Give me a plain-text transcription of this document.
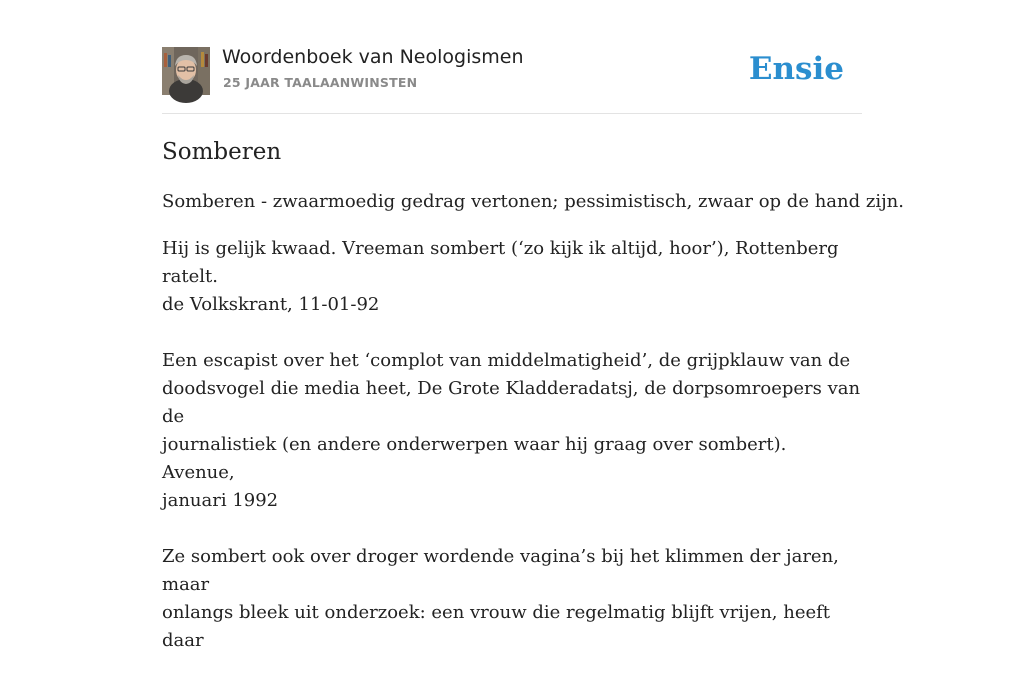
Woordenboek van Neologismen
25 JAAR TAALAANWINSTEN	Ensie
Somberen

Somberen - zwaarmoedig gedrag vertonen; pessimistisch, zwaar op de hand zijn.

Hij is gelijk kwaad. Vreeman sombert (‘zo kijk ik altijd, hoor’), Rottenberg ratelt.
de Volkskrant, 11-01-92
Een escapist over het ‘complot van middelmatigheid’, de grijpklauw van de
doodsvogel die media heet, De Grote Kladderadatsj, de dorpsomroepers van de
journalistiek (en andere onderwerpen waar hij graag over sombert). Avenue,
januari 1992
Ze sombert ook over droger wordende vagina’s bij het klimmen der jaren, maar
onlangs bleek uit onderzoek: een vrouw die regelmatig blijft vrijen, heeft daar
